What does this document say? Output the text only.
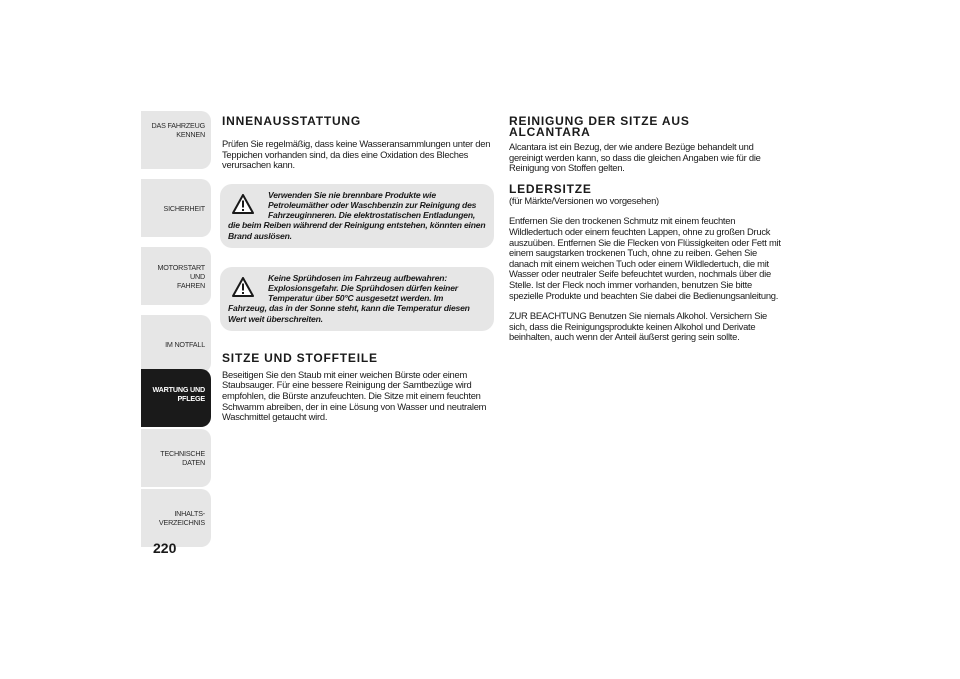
DAS FAHRZEUG
KENNEN
SICHERHEIT
MOTORSTART UND
FAHREN
IM NOTFALL
WARTUNG UND
PFLEGE
TECHNISCHE DATEN
INHALTS-
VERZEICHNIS
220
INNENAUSSTATTUNG

Prüfen Sie regelmäßig, dass keine Wasseransammlungen unter den Teppichen vorhanden sind, da dies eine Oxidation des Bleches verursachen kann.

Verwenden Sie nie brennbare Produkte wie Petroleumäther oder Waschbenzin zur Reinigung des Fahrzeuginneren. Die elektrostatischen Entladungen,

die beim Reiben während der Reinigung entstehen, könnten einen Brand auslösen.

Keine Sprühdosen im Fahrzeug aufbewahren: Explosionsgefahr. Die Sprühdosen dürfen keiner Temperatur über 50°C ausgesetzt werden. Im

Fahrzeug, das in der Sonne steht, kann die Temperatur diesen Wert weit überschreiten.

SITZE UND STOFFTEILE

Beseitigen Sie den Staub mit einer weichen Bürste oder einem Staubsauger. Für eine bessere Reinigung der Samtbezüge wird empfohlen, die Bürste anzufeuchten. Die Sitze mit einem feuchten Schwamm abreiben, der in eine Lösung von Wasser und neutralem Waschmittel getaucht wird.

REINIGUNG DER SITZE AUS
ALCANTARA

Alcantara ist ein Bezug, der wie andere Bezüge behandelt und gereinigt werden kann, so dass die gleichen Angaben wie für die Reinigung von Stoffen gelten.

LEDERSITZE

(für Märkte/Versionen wo vorgesehen)

Entfernen Sie den trockenen Schmutz mit einem feuchten Wildledertuch oder einem feuchten Lappen, ohne zu großen Druck auszuüben. Entfernen Sie die Flecken von Flüssigkeiten oder Fett mit einem saugstarken trockenen Tuch, ohne zu reiben. Gehen Sie danach mit einem weichen Tuch oder einem Wildledertuch, die mit Wasser oder neutraler Seife befeuchtet wurden, nochmals über die Stelle. Ist der Fleck noch immer vorhanden, benutzen Sie bitte spezielle Produkte und beachten Sie dabei die Bedienungsanleitung.

ZUR BEACHTUNG Benutzen Sie niemals Alkohol. Versichern Sie sich, dass die Reinigungsprodukte keinen Alkohol und Derivate beinhalten, auch wenn der Anteil äußerst gering sein sollte.
